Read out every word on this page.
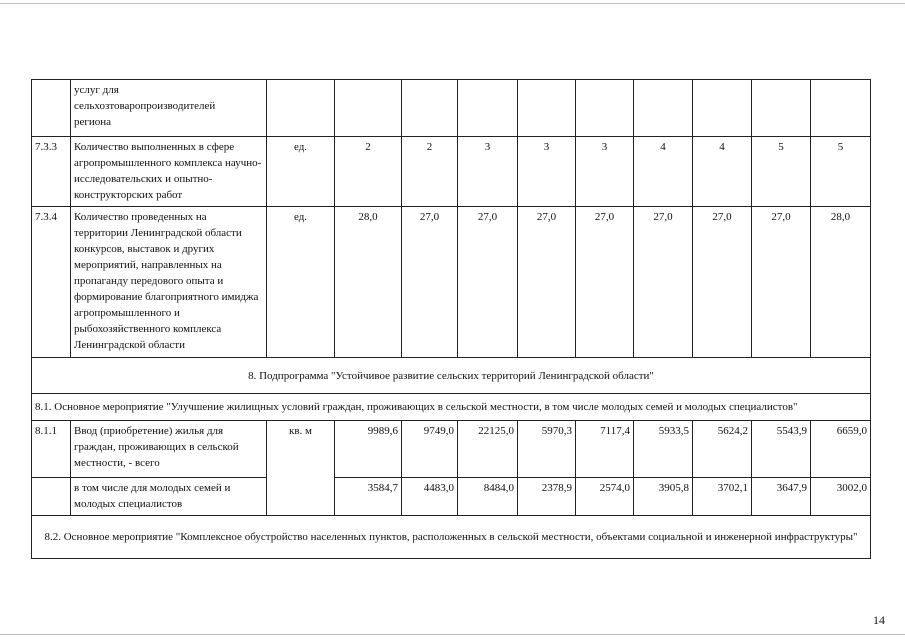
	услуг для
сельхозтоваропроизводителей
региона										
7.3.3	Количество выполненных в сфере агропромышленного комплекса научно-исследовательских и опытно-конструкторских работ	ед.	2	2	3	3	3	4	4	5	5
7.3.4	Количество проведенных на территории Ленинградской области конкурсов, выставок и других мероприятий, направленных на пропаганду передового опыта и формирование благоприятного имиджа агропромышленного и рыбохозяйственного комплекса Ленинградской области	ед.	28,0	27,0	27,0	27,0	27,0	27,0	27,0	27,0	28,0
8. Подпрограмма "Устойчивое развитие сельских территорий Ленинградской области"											
8.1. Основное мероприятие "Улучшение жилищных условий граждан, проживающих в сельской местности, в том числе молодых семей и молодых специалистов"											
8.1.1	Ввод (приобретение) жилья для граждан, проживающих в сельской местности, - всего	кв. м	9989,6	9749,0	22125,0	5970,3	7117,4	5933,5	5624,2	5543,9	6659,0
	в том числе для молодых семей и молодых специалистов		3584,7	4483,0	8484,0	2378,9	2574,0	3905,8	3702,1	3647,9	3002,0
8.2. Основное мероприятие "Комплексное обустройство населенных пунктов, расположенных в сельской местности, объектами социальной и инженерной инфраструктуры"											
14
